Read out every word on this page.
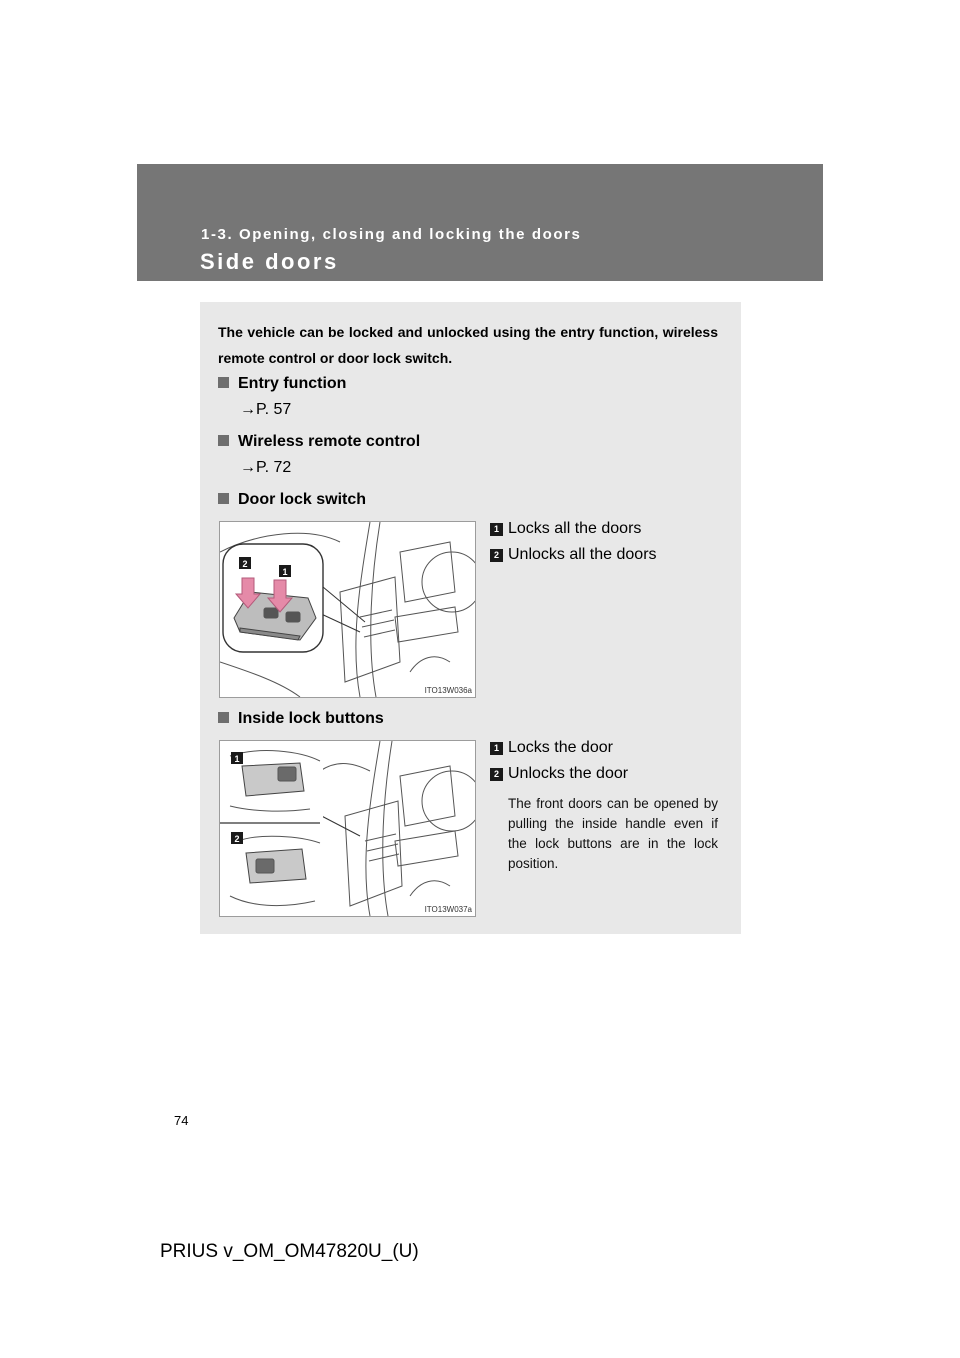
1-3. Opening, closing and locking the doors
Side doors
The vehicle can be locked and unlocked using the entry function, wireless remote control or door lock switch.
Entry function
→P. 57
Wireless remote control
→P. 72
Door lock switch
2
1
ITO13W036a
1 Locks all the doors
2 Unlocks all the doors
Inside lock buttons
1
2
ITO13W037a
1 Locks the door
2 Unlocks the door
The front doors can be opened by pulling the inside handle even if the lock buttons are in the lock position.
74
PRIUS v_OM_OM47820U_(U)
